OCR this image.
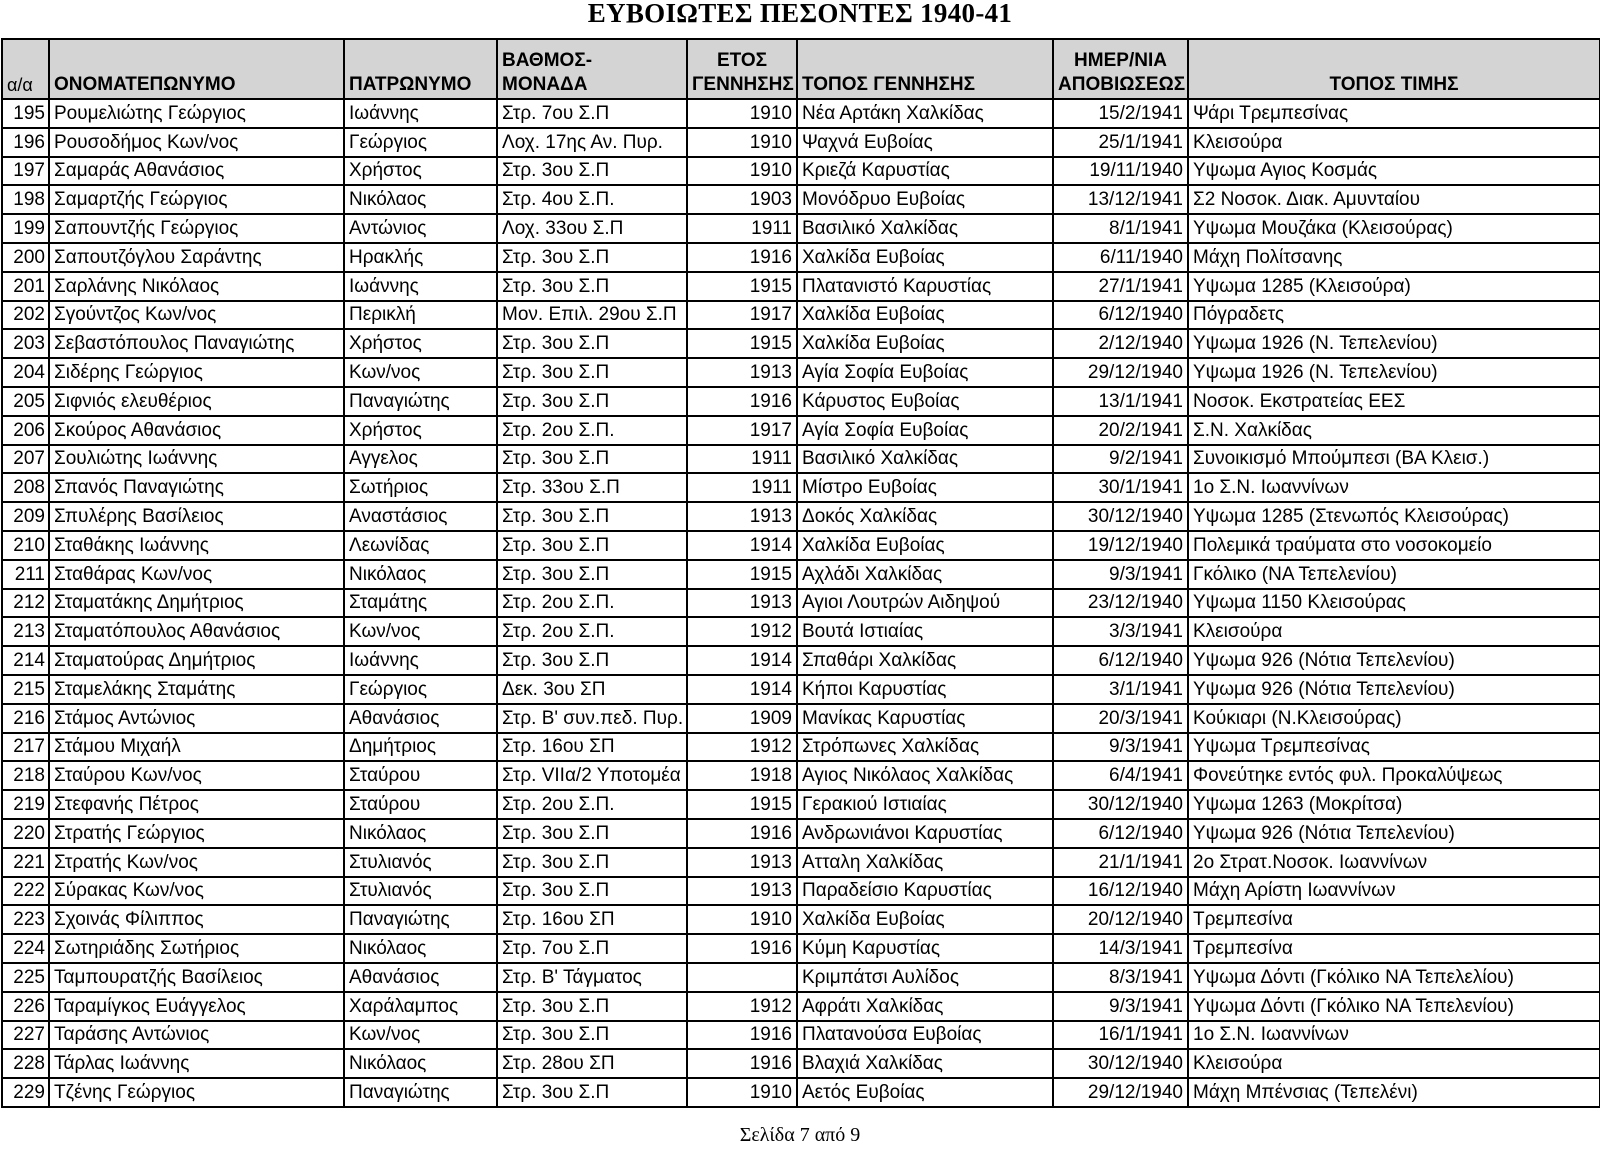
ΕΥΒΟΙΩΤΕΣ ΠΕΣΟΝΤΕΣ 1940-41
α/α	ΟΝΟΜΑΤΕΠΩΝΥΜΟ	ΠΑΤΡΩΝΥΜΟ	ΒΑΘΜΟΣ-
ΜΟΝΑΔΑ	ΕΤΟΣ
ΓΕΝΝΗΣΗΣ	ΤΟΠΟΣ ΓΕΝΝΗΣΗΣ	ΗΜΕΡ/ΝΙΑ
ΑΠΟΒΙΩΣΕΩΣ	ΤΟΠΟΣ ΤΙΜΗΣ
195	Ρουμελιώτης Γεώργιος	Ιωάννης	Στρ. 7ου Σ.Π	1910	Νέα Αρτάκη Χαλκίδας	15/2/1941	Ψάρι Τρεμπεσίνας
196	Ρουσοδήμος Κων/νος	Γεώργιος	Λοχ. 17ης Αν. Πυρ.	1910	Ψαχνά Ευβοίας	25/1/1941	Κλεισούρα
197	Σαμαράς Αθανάσιος	Χρήστος	Στρ. 3ου Σ.Π	1910	Κριεζά Καρυστίας	19/11/1940	Υψωμα Αγιος Κοσμάς
198	Σαμαρτζής Γεώργιος	Νικόλαος	Στρ. 4ου Σ.Π.	1903	Μονόδρυο Ευβοίας	13/12/1941	Σ2 Νοσοκ. Διακ. Αμυνταίου
199	Σαπουντζής Γεώργιος	Αντώνιος	Λοχ. 33ου Σ.Π	1911	Βασιλικό Χαλκίδας	8/1/1941	Υψωμα Μουζάκα (Κλεισούρας)
200	Σαπουτζόγλου Σαράντης	Ηρακλής	Στρ. 3ου Σ.Π	1916	Χαλκίδα Ευβοίας	6/11/1940	Μάχη Πολίτσανης
201	Σαρλάνης Νικόλαος	Ιωάννης	Στρ. 3ου Σ.Π	1915	Πλατανιστό Καρυστίας	27/1/1941	Υψωμα 1285 (Κλεισούρα)
202	Σγούντζος Κων/νος	Περικλή	Μον. Επιλ. 29ου Σ.Π	1917	Χαλκίδα Ευβοίας	6/12/1940	Πόγραδετς
203	Σεβαστόπουλος Παναγιώτης	Χρήστος	Στρ. 3ου Σ.Π	1915	Χαλκίδα Ευβοίας	2/12/1940	Υψωμα 1926 (Ν. Τεπελενίου)
204	Σιδέρης Γεώργιος	Κων/νος	Στρ. 3ου Σ.Π	1913	Αγία Σοφία Ευβοίας	29/12/1940	Υψωμα 1926 (Ν. Τεπελενίου)
205	Σιφνιός ελευθέριος	Παναγιώτης	Στρ. 3ου Σ.Π	1916	Κάρυστος Ευβοίας	13/1/1941	Νοσοκ. Εκστρατείας ΕΕΣ
206	Σκούρος Αθανάσιος	Χρήστος	Στρ. 2ου Σ.Π.	1917	Αγία Σοφία Ευβοίας	20/2/1941	Σ.Ν. Χαλκίδας
207	Σουλιώτης Ιωάννης	Αγγελος	Στρ. 3ου Σ.Π	1911	Βασιλικό Χαλκίδας	9/2/1941	Συνοικισμό Μπούμπεσι (ΒΑ Κλεισ.)
208	Σπανός Παναγιώτης	Σωτήριος	Στρ. 33ου Σ.Π	1911	Μίστρο Ευβοίας	30/1/1941	1ο Σ.Ν. Ιωαννίνων
209	Σπυλέρης Βασίλειος	Αναστάσιος	Στρ. 3ου Σ.Π	1913	Δοκός Χαλκίδας	30/12/1940	Υψωμα 1285 (Στενωπός Κλεισούρας)
210	Σταθάκης Ιωάννης	Λεωνίδας	Στρ. 3ου Σ.Π	1914	Χαλκίδα Ευβοίας	19/12/1940	Πολεμικά τραύματα στο νοσοκομείο
211	Σταθάρας Κων/νος	Νικόλαος	Στρ. 3ου Σ.Π	1915	Αχλάδι Χαλκίδας	9/3/1941	Γκόλικο (ΝΑ Τεπελενίου)
212	Σταματάκης Δημήτριος	Σταμάτης	Στρ. 2ου Σ.Π.	1913	Αγιοι Λουτρών Αιδηψού	23/12/1940	Υψωμα 1150 Κλεισούρας
213	Σταματόπουλος Αθανάσιος	Κων/νος	Στρ. 2ου Σ.Π.	1912	Βουτά Ιστιαίας	3/3/1941	Κλεισούρα
214	Σταματούρας Δημήτριος	Ιωάννης	Στρ. 3ου Σ.Π	1914	Σπαθάρι Χαλκίδας	6/12/1940	Υψωμα 926 (Νότια Τεπελενίου)
215	Σταμελάκης Σταμάτης	Γεώργιος	Δεκ. 3ου ΣΠ	1914	Κήποι Καρυστίας	3/1/1941	Υψωμα 926 (Νότια Τεπελενίου)
216	Στάμος Αντώνιος	Αθανάσιος	Στρ. Β' συν.πεδ. Πυρ.	1909	Μανίκας Καρυστίας	20/3/1941	Κούκιαρι (Ν.Κλεισούρας)
217	Στάμου Μιχαήλ	Δημήτριος	Στρ. 16ου ΣΠ	1912	Στρόπωνες Χαλκίδας	9/3/1941	Υψωμα Τρεμπεσίνας
218	Σταύρου Κων/νος	Σταύρου	Στρ. VIIα/2 Υποτομέα	1918	Αγιος Νικόλαος Χαλκίδας	6/4/1941	Φονεύτηκε εντός φυλ. Προκαλύψεως
219	Στεφανής Πέτρος	Σταύρου	Στρ. 2ου Σ.Π.	1915	Γερακιού Ιστιαίας	30/12/1940	Υψωμα 1263 (Μοκρίτσα)
220	Στρατής Γεώργιος	Νικόλαος	Στρ. 3ου Σ.Π	1916	Ανδρωνιάνοι Καρυστίας	6/12/1940	Υψωμα 926 (Νότια Τεπελενίου)
221	Στρατής Κων/νος	Στυλιανός	Στρ. 3ου Σ.Π	1913	Ατταλη Χαλκίδας	21/1/1941	2ο Στρατ.Νοσοκ. Ιωαννίνων
222	Σύρακας Κων/νος	Στυλιανός	Στρ. 3ου Σ.Π	1913	Παραδείσιο Καρυστίας	16/12/1940	Μάχη Αρίστη Ιωαννίνων
223	Σχοινάς Φίλιππος	Παναγιώτης	Στρ. 16ου ΣΠ	1910	Χαλκίδα Ευβοίας	20/12/1940	Τρεμπεσίνα
224	Σωτηριάδης Σωτήριος	Νικόλαος	Στρ. 7ου Σ.Π	1916	Κύμη Καρυστίας	14/3/1941	Τρεμπεσίνα
225	Ταμπουρατζής Βασίλειος	Αθανάσιος	Στρ. Β' Τάγματος		Κριμπάτσι Αυλίδος	8/3/1941	Υψωμα Δόντι (Γκόλικο ΝΑ Τεπελελίου)
226	Ταραμίγκος Ευάγγελος	Χαράλαμπος	Στρ. 3ου Σ.Π	1912	Αφράτι Χαλκίδας	9/3/1941	Υψωμα Δόντι (Γκόλικο ΝΑ Τεπελενίου)
227	Ταράσης Αντώνιος	Κων/νος	Στρ. 3ου Σ.Π	1916	Πλατανούσα Ευβοίας	16/1/1941	1ο Σ.Ν. Ιωαννίνων
228	Τάρλας Ιωάννης	Νικόλαος	Στρ. 28ου ΣΠ	1916	Βλαχιά Χαλκίδας	30/12/1940	Κλεισούρα
229	Τζένης Γεώργιος	Παναγιώτης	Στρ. 3ου Σ.Π	1910	Αετός Ευβοίας	29/12/1940	Μάχη Μπένσιας (Τεπελένι)
Σελίδα 7 από 9
